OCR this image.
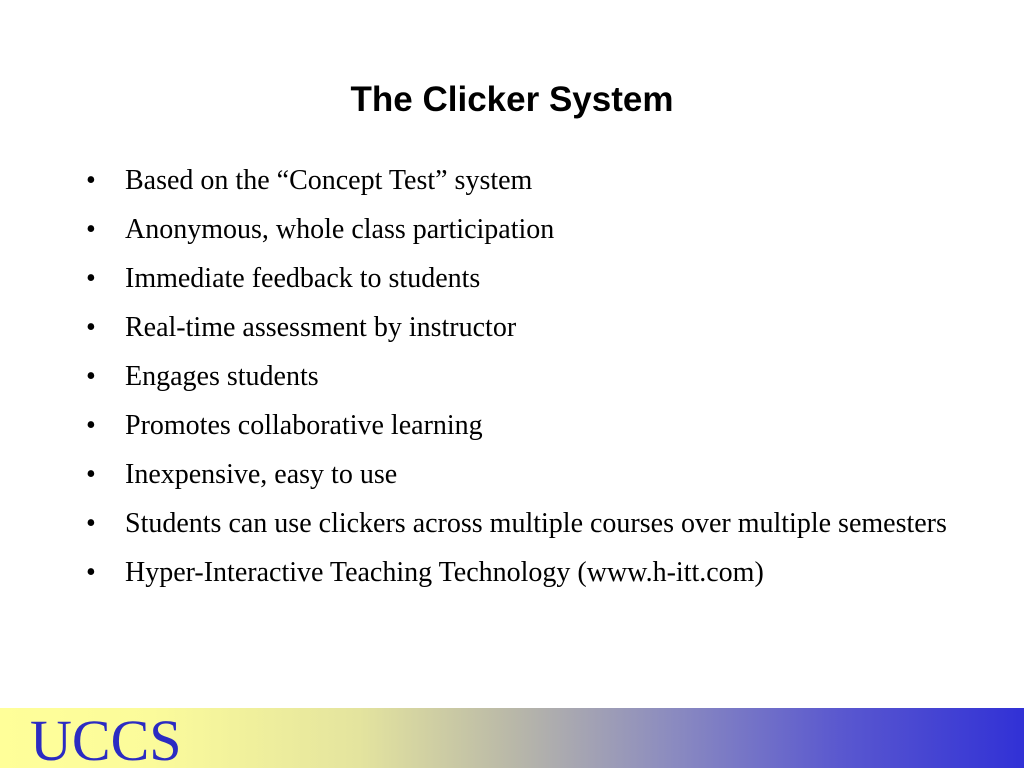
The Clicker System
•	Based on the “Concept Test” system
•	Anonymous, whole class participation
•	Immediate feedback to students
•	Real-time assessment by instructor
•	Engages students
•	Promotes collaborative learning
•	Inexpensive, easy to use
•	Students can use clickers across multiple courses over multiple semesters
•	Hyper-Interactive Teaching Technology (www.h-itt.com)
UCCS
